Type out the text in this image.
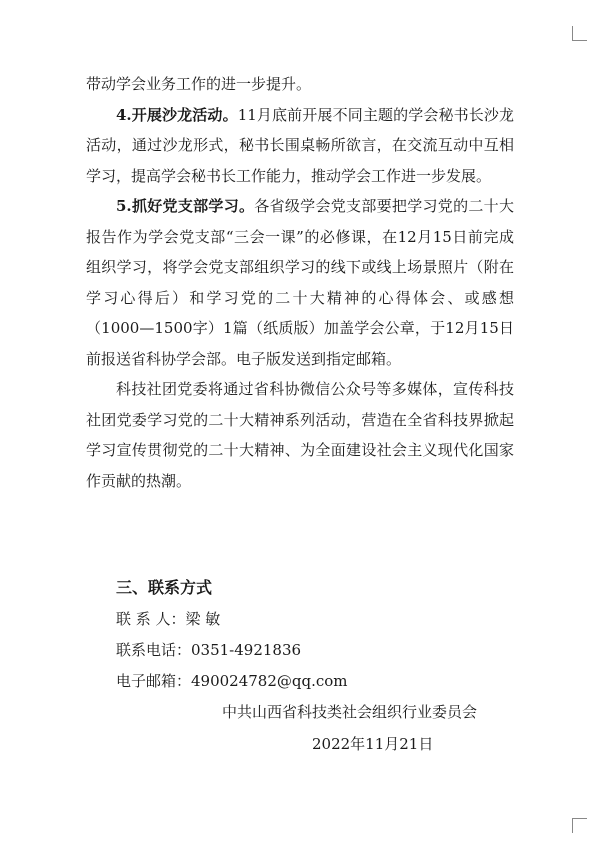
带动学会业务工作的进一步提升。

4.开展沙龙活动。11月底前开展不同主题的学会秘书长沙龙活动，通过沙龙形式，秘书长围桌畅所欲言，在交流互动中互相学习，提高学会秘书长工作能力，推动学会工作进一步发展。

5.抓好党支部学习。各省级学会党支部要把学习党的二十大报告作为学会党支部“三会一课”的必修课，在12月15日前完成组织学习，将学会党支部组织学习的线下或线上场景照片（附在学习心得后）和学习党的二十大精神的心得体会、或感想（1000—1500字）1篇（纸质版）加盖学会公章，于12月15日前报送省科协学会部。电子版发送到指定邮箱。

科技社团党委将通过省科协微信公众号等多媒体，宣传科技社团党委学习党的二十大精神系列活动，营造在全省科技界掀起学习宣传贯彻党的二十大精神、为全面建设社会主义现代化国家作贡献的热潮。

三、联系方式
联 系 人：梁 敏
联系电话：0351-4921836
电子邮箱：490024782@qq.com
中共山西省科技类社会组织行业委员会
2022年11月21日
